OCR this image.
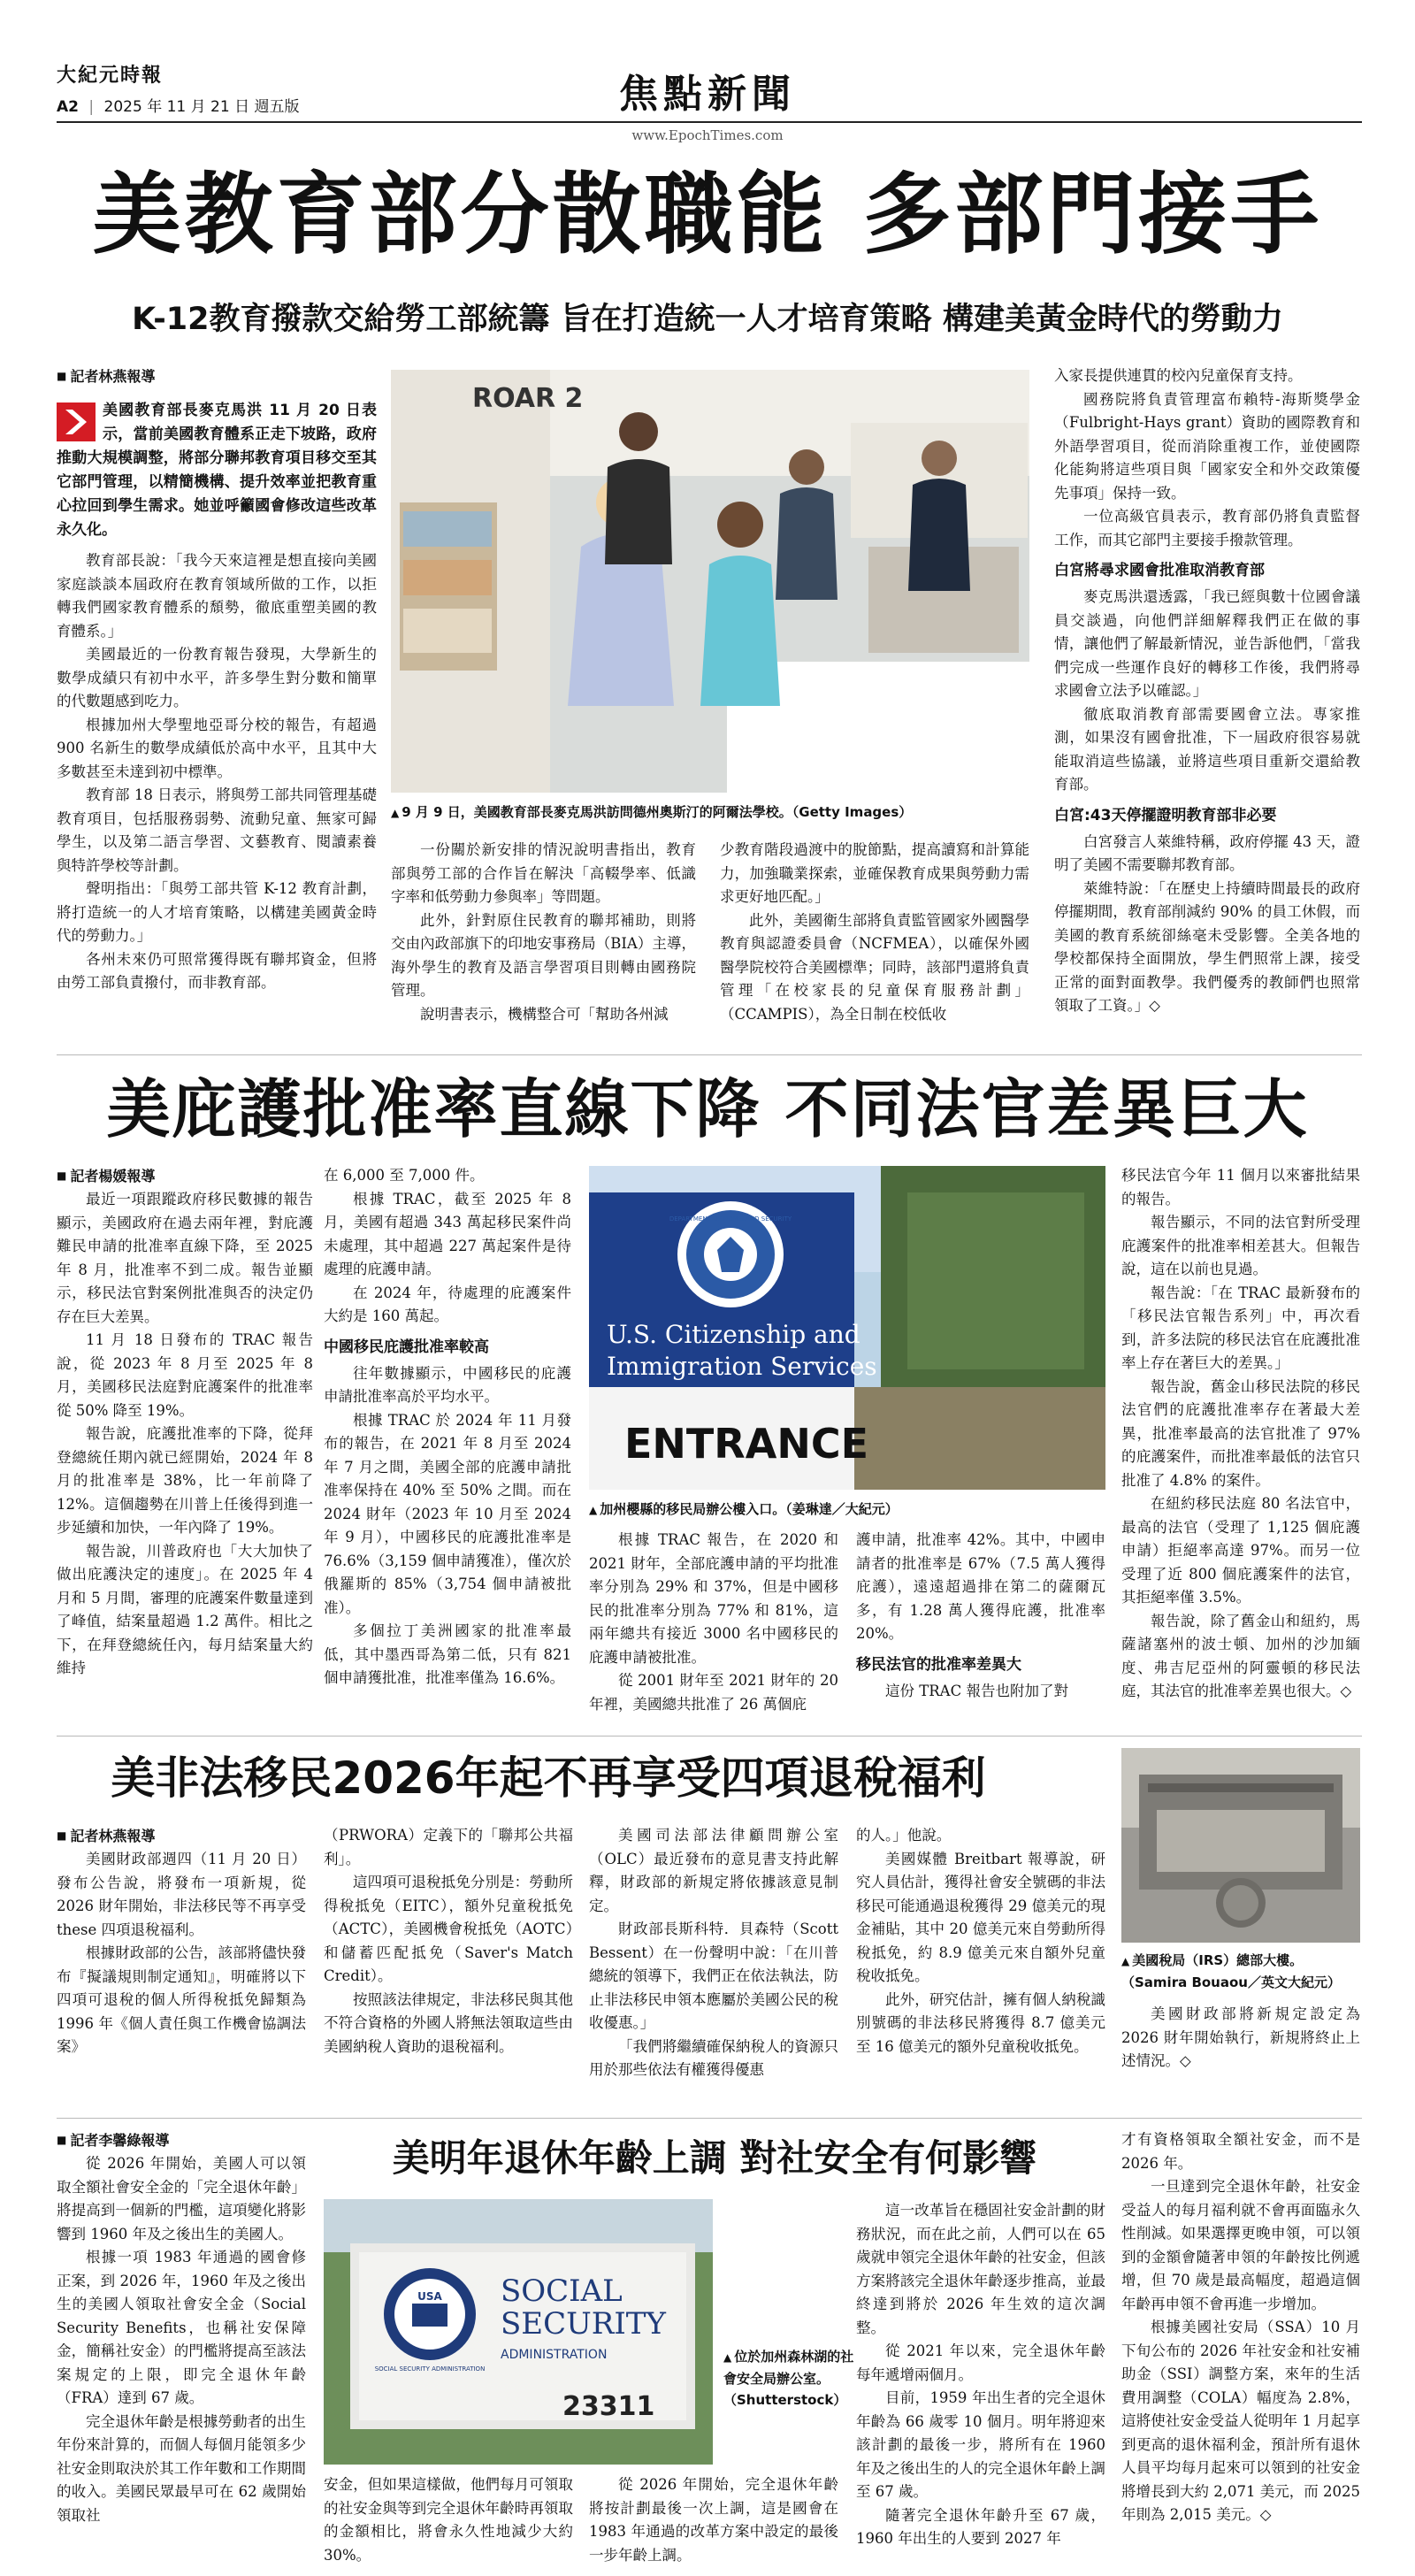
大紀元時報
A2 | 2025 年 11 月 21 日 週五版	焦點新聞
www.EpochTimes.com
美教育部分散職能 多部門接手
K-12教育撥款交給勞工部統籌 旨在打造統一人才培育策略 構建美黃金時代的勞動力
■ 記者林燕報導
美國教育部長麥克馬洪 11 月 20 日表示，當前美國教育體系正走下坡路，政府推動大規模調整，將部分聯邦教育項目移交至其它部門管理，以精簡機構、提升效率並把教育重心拉回到學生需求。她並呼籲國會修改這些改革永久化。

教育部長說：「我今天來這裡是想直接向美國家庭談談本屆政府在教育領域所做的工作，以拒轉我們國家教育體系的頹勢，徹底重塑美國的教育體系。」

美國最近的一份教育報告發現，大學新生的數學成績只有初中水平，許多學生對分數和簡單的代數題感到吃力。

根據加州大學聖地亞哥分校的報告，有超過 900 名新生的數學成績低於高中水平，且其中大多數甚至未達到初中標準。

教育部 18 日表示，將與勞工部共同管理基礎教育項目，包括服務弱勢、流動兒童、無家可歸學生，以及第二語言學習、文藝教育、閱讀素養與特許學校等計劃。

聲明指出：「與勞工部共管 K-12 教育計劃，將打造統一的人才培育策略，以構建美國黃金時代的勞動力。」

各州未來仍可照常獲得既有聯邦資金，但將由勞工部負責撥付，而非教育部。

ROAR 2
▲ 9 月 9 日，美國教育部長麥克馬洪訪問德州奧斯汀的阿爾法學校。（Getty Images）

一份關於新安排的情況說明書指出，教育部與勞工部的合作旨在解決「高輟學率、低識字率和低勞動力參與率」等問題。

此外，針對原住民教育的聯邦補助，則將交由內政部旗下的印地安事務局（BIA）主導，海外學生的教育及語言學習項目則轉由國務院管理。

說明書表示，機構整合可「幫助各州減

少教育階段過渡中的脫節點，提高讀寫和計算能力，加強職業探索，並確保教育成果與勞動力需求更好地匹配。」

此外，美國衛生部將負責監管國家外國醫學教育與認證委員會（NCFMEA），以確保外國醫學院校符合美國標準；同時，該部門還將負責管理「在校家長的兒童保育服務計劃」（CCAMPIS），為全日制在校低收

入家長提供連貫的校內兒童保育支持。

國務院將負責管理富布賴特-海斯獎學金（Fulbright-Hays grant）資助的國際教育和外語學習項目，從而消除重複工作，並使國際化能夠將這些項目與「國家安全和外交政策優先事項」保持一致。

一位高級官員表示，教育部仍將負責監督工作，而其它部門主要接手撥款管理。

白宮將尋求國會批准取消教育部

麥克馬洪還透露，「我已經與數十位國會議員交談過，向他們詳細解釋我們正在做的事情，讓他們了解最新情況，並告訴他們，「當我們完成一些運作良好的轉移工作後，我們將尋求國會立法予以確認。」

徹底取消教育部需要國會立法。專家推測，如果沒有國會批准，下一屆政府很容易就能取消這些協議，並將這些項目重新交還給教育部。

白宮:43天停擺證明教育部非必要

白宮發言人萊維特稱，政府停擺 43 天，證明了美國不需要聯邦教育部。

萊維特說：「在歷史上持續時間最長的政府停擺期間，教育部削減約 90% 的員工休假，而美國的教育系統卻絲毫未受影響。全美各地的學校都保持全面開放，學生們照常上課，接受正常的面對面教學。我們優秀的教師們也照常領取了工資。」◇

美庇護批准率直線下降 不同法官差異巨大
■ 記者楊媛報導

最近一項跟蹤政府移民數據的報告顯示，美國政府在過去兩年裡，對庇護難民申請的批准率直線下降，至 2025 年 8 月，批准率不到二成。報告並顯示，移民法官對案例批准與否的決定仍存在巨大差異。

11 月 18 日發布的 TRAC 報告說，從 2023 年 8 月至 2025 年 8 月，美國移民法庭對庇護案件的批准率從 50% 降至 19%。

報告說，庇護批准率的下降，從拜登總統任期內就已經開始，2024 年 8 月的批准率是 38%，比一年前降了 12%。這個趨勢在川普上任後得到進一步延續和加快，一年內降了 19%。

報告說，川普政府也「大大加快了做出庇護決定的速度」。在 2025 年 4 月和 5 月間，審理的庇護案件數量達到了峰值，結案量超過 1.2 萬件。相比之下，在拜登總統任內，每月結案量大約維持

在 6,000 至 7,000 件。

根據 TRAC，截至 2025 年 8 月，美國有超過 343 萬起移民案件尚未處理，其中超過 227 萬起案件是待處理的庇護申請。

在 2024 年，待處理的庇護案件大約是 160 萬起。

中國移民庇護批准率較高

往年數據顯示，中國移民的庇護申請批准率高於平均水平。

根據 TRAC 於 2024 年 11 月發布的報告，在 2021 年 8 月至 2024 年 7 月之間，美國全部的庇護申請批准率保持在 40% 至 50% 之間。而在 2024 財年（2023 年 10 月至 2024 年 9 月），中國移民的庇護批准率是 76.6%（3,159 個申請獲准），僅次於俄羅斯的 85%（3,754 個申請被批准）。

多個拉丁美洲國家的批准率最低，其中墨西哥為第二低，只有 821 個申請獲批准，批准率僅為 16.6%。

DEPARTMENT OF HOMELAND SECURITY
U.S. Citizenship and
Immigration Services
ENTRANCE
▲ 加州櫻縣的移民局辦公樓入口。（姜琳達／大紀元）

根據 TRAC 報告，在 2020 和 2021 財年，全部庇護申請的平均批准率分別為 29% 和 37%，但是中國移民的批准率分別為 77% 和 81%，這兩年總共有接近 3000 名中國移民的庇護申請被批准。

從 2001 財年至 2021 財年的 20 年裡，美國總共批准了 26 萬個庇

護申請，批准率 42%。其中，中國申請者的批准率是 67%（7.5 萬人獲得庇護），遠遠超過排在第二的薩爾瓦多，有 1.28 萬人獲得庇護，批准率 20%。

移民法官的批准率差異大

這份 TRAC 報告也附加了對

移民法官今年 11 個月以來審批結果的報告。

報告顯示，不同的法官對所受理庇護案件的批准率相差甚大。但報告說，這在以前也見過。

報告說：「在 TRAC 最新發布的「移民法官報告系列」中，再次看到，許多法院的移民法官在庇護批准率上存在著巨大的差異。」

報告說，舊金山移民法院的移民法官們的庇護批准率存在著最大差異，批准率最高的法官批准了 97% 的庇護案件，而批准率最低的法官只批准了 4.8% 的案件。

在紐約移民法庭 80 名法官中，最高的法官（受理了 1,125 個庇護申請）拒絕率高達 97%。而另一位受理了近 800 個庇護案件的法官，其拒絕率僅 3.5%。

報告說，除了舊金山和紐約，馬薩諸塞州的波士頓、加州的沙加緬度、弗吉尼亞州的阿靈頓的移民法庭，其法官的批准率差異也很大。◇

美非法移民2026年起不再享受四項退稅福利
■ 記者林燕報導

美國財政部週四（11 月 20 日）發布公告說，將發布一項新規，從 2026 財年開始，非法移民等不再享受these 四項退稅福利。

根據財政部的公告，該部將儘快發布『擬議規則制定通知』，明確將以下四項可退稅的個人所得稅抵免歸類為 1996 年《個人責任與工作機會協調法案》

（PRWORA）定義下的「聯邦公共福利」。

這四項可退稅抵免分別是：勞動所得稅抵免（EITC），額外兒童稅抵免（ACTC），美國機會稅抵免（AOTC）和儲蓄匹配抵免（Saver's Match Credit）。

按照該法律規定，非法移民與其他不符合資格的外國人將無法領取這些由美國納稅人資助的退稅福利。

美國司法部法律顧問辦公室（OLC）最近發布的意見書支持此解釋，財政部的新規定將依據該意見制定。

財政部長斯科特．貝森特（Scott Bessent）在一份聲明中說：「在川普總統的領導下，我們正在依法執法，防止非法移民申領本應屬於美國公民的稅收優惠。」

「我們將繼續確保納稅人的資源只用於那些依法有權獲得優惠

的人。」他說。

美國媒體 Breitbart 報導說，研究人員估計，獲得社會安全號碼的非法移民可能通過退稅獲得 29 億美元的現金補貼，其中 20 億美元來自勞動所得稅抵免，約 8.9 億美元來自額外兒童稅收抵免。

此外，研究估計，擁有個人納稅識別號碼的非法移民將獲得 8.7 億美元至 16 億美元的額外兒童稅收抵免。

▲ 美國稅局（IRS）總部大樓。（Samira Bouaou／英文大紀元）

美國財政部將新規定設定為 2026 財年開始執行，新規將終止上述情況。◇

■ 記者李馨綠報導

從 2026 年開始，美國人可以領取全額社會安全金的「完全退休年齡」將提高到一個新的門檻，這項變化將影響到 1960 年及之後出生的美國人。

根據一項 1983 年通過的國會修正案，到 2026 年，1960 年及之後出生的美國人領取社會安全金（Social Security Benefits，也稱社安保障金，簡稱社安金）的門檻將提高至該法案規定的上限，即完全退休年齡（FRA）達到 67 歲。

完全退休年齡是根據勞動者的出生年份來計算的，而個人每個月能領多少社安金則取決於其工作年數和工作期間的收入。美國民眾最早可在 62 歲開始領取社

美明年退休年齡上調 對社安全有何影響
USA
SOCIAL SECURITY ADMINISTRATION
SOCIAL
SECURITY
ADMINISTRATION
23311
▲ 位於加州森林湖的社會安全局辦公室。（Shutterstock）

安金，但如果這樣做，他們每月可領取的社安金與等到完全退休年齡時再領取的金額相比，將會永久性地減少大約 30%。

從 2026 年開始，完全退休年齡將按計劃最後一次上調，這是國會在 1983 年通過的改革方案中設定的最後一步年齡上調。

這一改革旨在穩固社安金計劃的財務狀況，而在此之前，人們可以在 65 歲就申領完全退休年齡的社安金，但該方案將該完全退休年齡逐步推高，並最終達到將於 2026 年生效的這次調整。

從 2021 年以來，完全退休年齡每年遞增兩個月。

目前，1959 年出生者的完全退休年齡為 66 歲零 10 個月。明年將迎來該計劃的最後一步，將所有在 1960 年及之後出生的人的完全退休年齡上調至 67 歲。

隨著完全退休年齡升至 67 歲，1960 年出生的人要到 2027 年

才有資格領取全額社安金，而不是 2026 年。

一旦達到完全退休年齡，社安金受益人的每月福利就不會再面臨永久性削減。如果選擇更晚申領，可以領到的金額會隨著申領的年齡按比例遞增，但 70 歲是最高幅度，超過這個年齡再申領不會再進一步增加。

根據美國社安局（SSA）10 月下旬公布的 2026 年社安金和社安補助金（SSI）調整方案，來年的生活費用調整（COLA）幅度為 2.8%，這將使社安金受益人從明年 1 月起享到更高的退休福利金，預計所有退休人員平均每月起來可以領到的社安金將增長到大約 2,071 美元，而 2025 年則為 2,015 美元。◇
